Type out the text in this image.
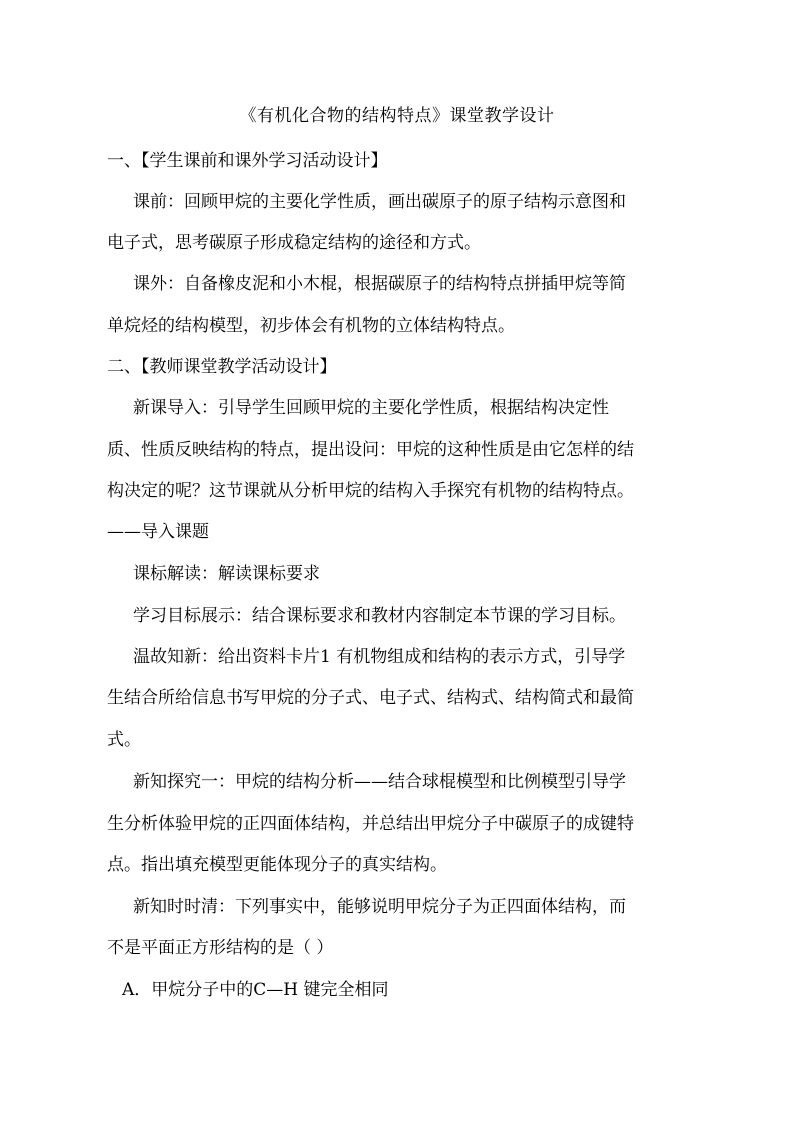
《有机化合物的结构特点》课堂教学设计
一、【学生课前和课外学习活动设计】
课前：回顾甲烷的主要化学性质，画出碳原子的原子结构示意图和
电子式，思考碳原子形成稳定结构的途径和方式。
课外：自备橡皮泥和小木棍，根据碳原子的结构特点拼插甲烷等简
单烷烃的结构模型，初步体会有机物的立体结构特点。
二、【教师课堂教学活动设计】
新课导入：引导学生回顾甲烷的主要化学性质，根据结构决定性
质、性质反映结构的特点，提出设问：甲烷的这种性质是由它怎样的结
构决定的呢？这节课就从分析甲烷的结构入手探究有机物的结构特点。
——导入课题
课标解读：解读课标要求
学习目标展示：结合课标要求和教材内容制定本节课的学习目标。
温故知新：给出资料卡片1 有机物组成和结构的表示方式，引导学
生结合所给信息书写甲烷的分子式、电子式、结构式、结构简式和最简
式。
新知探究一：甲烷的结构分析——结合球棍模型和比例模型引导学
生分析体验甲烷的正四面体结构，并总结出甲烷分子中碳原子的成键特
点。指出填充模型更能体现分子的真实结构。
新知时时清：下列事实中，能够说明甲烷分子为正四面体结构，而
不是平面正方形结构的是（ ）
A．甲烷分子中的C—H 键完全相同
